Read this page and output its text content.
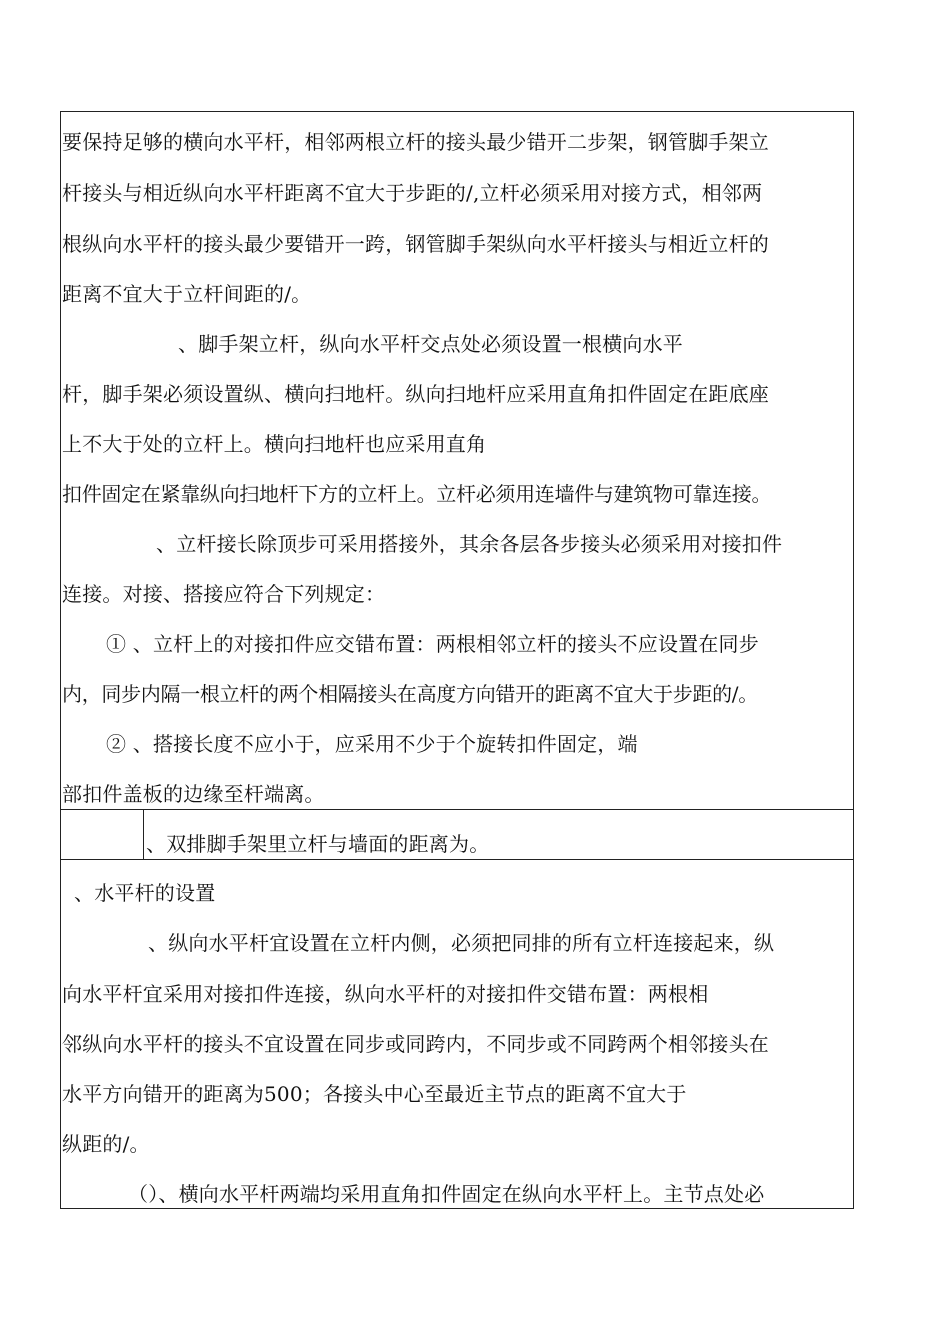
要保持足够的横向水平杆，相邻两根立杆的接头最少错开二步架，钢管脚手架立
杆接头与相近纵向水平杆距离不宜大于步距的/,立杆必须采用对接方式，相邻两
根纵向水平杆的接头最少要错开一跨，钢管脚手架纵向水平杆接头与相近立杆的
距离不宜大于立杆间距的/。
、脚手架立杆，纵向水平杆交点处必须设置一根横向水平
杆，脚手架必须设置纵、横向扫地杆。纵向扫地杆应采用直角扣件固定在距底座
上不大于处的立杆上。横向扫地杆也应采用直角
扣件固定在紧靠纵向扫地杆下方的立杆上。立杆必须用连墙件与建筑物可靠连接。
、立杆接长除顶步可采用搭接外，其余各层各步接头必须采用对接扣件
连接。对接、搭接应符合下列规定：
① 、立杆上的对接扣件应交错布置：两根相邻立杆的接头不应设置在同步
内，同步内隔一根立杆的两个相隔接头在高度方向错开的距离不宜大于步距的/。
② 、搭接长度不应小于，应采用不少于个旋转扣件固定，端
部扣件盖板的边缘至杆端离。
、双排脚手架里立杆与墙面的距离为。
、水平杆的设置
、纵向水平杆宜设置在立杆内侧，必须把同排的所有立杆连接起来，纵
向水平杆宜采用对接扣件连接，纵向水平杆的对接扣件交错布置：两根相
邻纵向水平杆的接头不宜设置在同步或同跨内，不同步或不同跨两个相邻接头在
水平方向错开的距离为500；各接头中心至最近主节点的距离不宜大于
纵距的/。
（）、横向水平杆两端均采用直角扣件固定在纵向水平杆上。主节点处必
